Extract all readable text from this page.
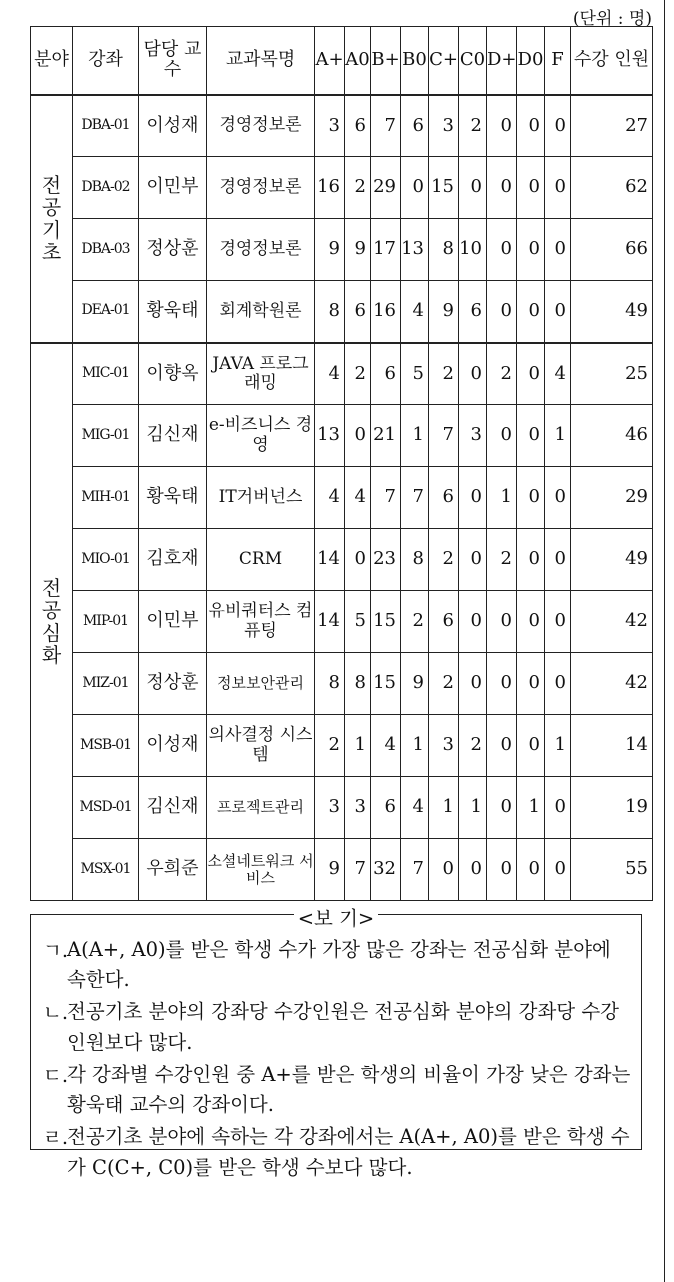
(단위 : 명)
분야	강좌	담당 교수	교과목명	A+	A0	B+	B0	C+	C0	D+	D0	F	수강 인원
전 공 기 초	DBA-01	이성재	경영정보론	3	6	7	6	3	2	0	0	0	27
	DBA-02	이민부	경영정보론	16	2	29	0	15	0	0	0	0	62
	DBA-03	정상훈	경영정보론	9	9	17	13	8	10	0	0	0	66
	DEA-01	황욱태	회계학원론	8	6	16	4	9	6	0	0	0	49
전 공 심 화	MIC-01	이향옥	JAVA 프로그래밍	4	2	6	5	2	0	2	0	4	25
	MIG-01	김신재	e-비즈니스 경영	13	0	21	1	7	3	0	0	1	46
	MIH-01	황욱태	IT거버넌스	4	4	7	7	6	0	1	0	0	29
	MIO-01	김호재	CRM	14	0	23	8	2	0	2	0	0	49
	MIP-01	이민부	유비쿼터스 컴퓨팅	14	5	15	2	6	0	0	0	0	42
	MIZ-01	정상훈	정보보안관리	8	8	15	9	2	0	0	0	0	42
	MSB-01	이성재	의사결정 시스템	2	1	4	1	3	2	0	0	1	14
	MSD-01	김신재	프로젝트관리	3	3	6	4	1	1	0	1	0	19
	MSX-01	우희준	소셜네트워크 서비스	9	7	32	7	0	0	0	0	0	55
<보 기>
ㄱ.
A(A+, A0)를 받은 학생 수가 가장 많은 강좌는 전공심화 분야에 속한다.
ㄴ.
전공기초 분야의 강좌당 수강인원은 전공심화 분야의 강좌당 수강인원보다 많다.
ㄷ.
각 강좌별 수강인원 중 A+를 받은 학생의 비율이 가장 낮은 강좌는 황욱태 교수의 강좌이다.
ㄹ.
전공기초 분야에 속하는 각 강좌에서는 A(A+, A0)를 받은 학생 수가 C(C+, C0)를 받은 학생 수보다 많다.
